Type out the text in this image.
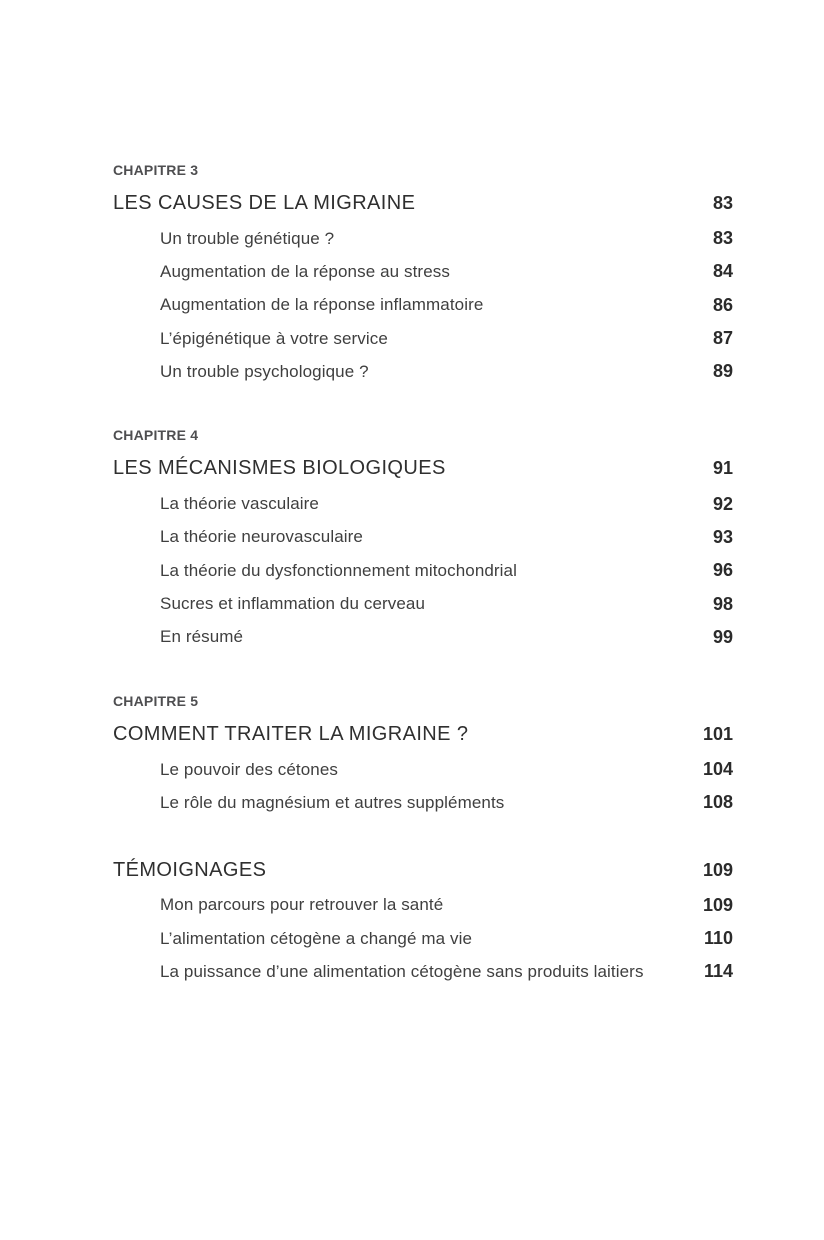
CHAPITRE 3
LES CAUSES DE LA MIGRAINE	83
Un trouble génétique ?	83
Augmentation de la réponse au stress	84
Augmentation de la réponse inflammatoire	86
L’épigénétique à votre service	87
Un trouble psychologique ?	89
CHAPITRE 4
LES MÉCANISMES BIOLOGIQUES	91
La théorie vasculaire	92
La théorie neurovasculaire	93
La théorie du dysfonctionnement mitochondrial	96
Sucres et inflammation du cerveau	98
En résumé	99
CHAPITRE 5
COMMENT TRAITER LA MIGRAINE ?	101
Le pouvoir des cétones	104
Le rôle du magnésium et autres suppléments	108
TÉMOIGNAGES	109
Mon parcours pour retrouver la santé	109
L’alimentation cétogène a changé ma vie	110
La puissance d’une alimentation cétogène sans produits laitiers	114
